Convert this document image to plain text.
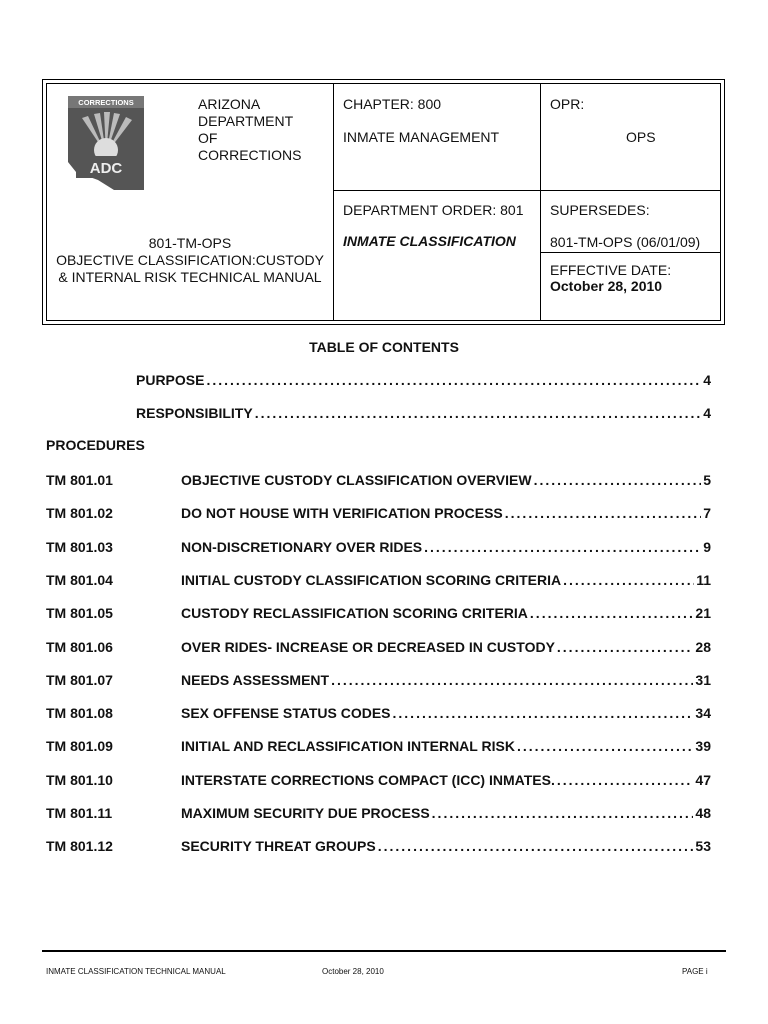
CORRECTIONS
ADC
ARIZONA
DEPARTMENT
OF
CORRECTIONS
801-TM-OPS
OBJECTIVE CLASSIFICATION:CUSTODY
& INTERNAL RISK TECHNICAL MANUAL
CHAPTER: 800
INMATE MANAGEMENT
DEPARTMENT ORDER: 801
INMATE CLASSIFICATION
OPR:
OPS
SUPERSEDES:
801-TM-OPS (06/01/09)
EFFECTIVE DATE:
October 28, 2010
TABLE OF CONTENTS
PURPOSE .....	4
RESPONSIBILITY .....	4
PROCEDURES
TM 801.01	OBJECTIVE CUSTODY CLASSIFICATION OVERVIEW .....	5
TM 801.02	DO NOT HOUSE WITH VERIFICATION PROCESS .....	7
TM 801.03	NON-DISCRETIONARY OVER RIDES .....	9
TM 801.04	INITIAL CUSTODY CLASSIFICATION SCORING CRITERIA .....	11
TM 801.05	CUSTODY RECLASSIFICATION SCORING CRITERIA .....	21
TM 801.06	OVER RIDES- INCREASE OR DECREASED IN CUSTODY .....	28
TM 801.07	NEEDS ASSESSMENT .....	31
TM 801.08	SEX OFFENSE STATUS CODES .....	34
TM 801.09	INITIAL AND RECLASSIFICATION INTERNAL RISK .....	39
TM 801.10	INTERSTATE CORRECTIONS COMPACT (ICC) INMATES. .....	47
TM 801.11	MAXIMUM SECURITY DUE PROCESS .....	48
TM 801.12	SECURITY THREAT GROUPS .....	53
INMATE CLASSIFICATION TECHNICAL MANUAL	October 28, 2010	PAGE i
